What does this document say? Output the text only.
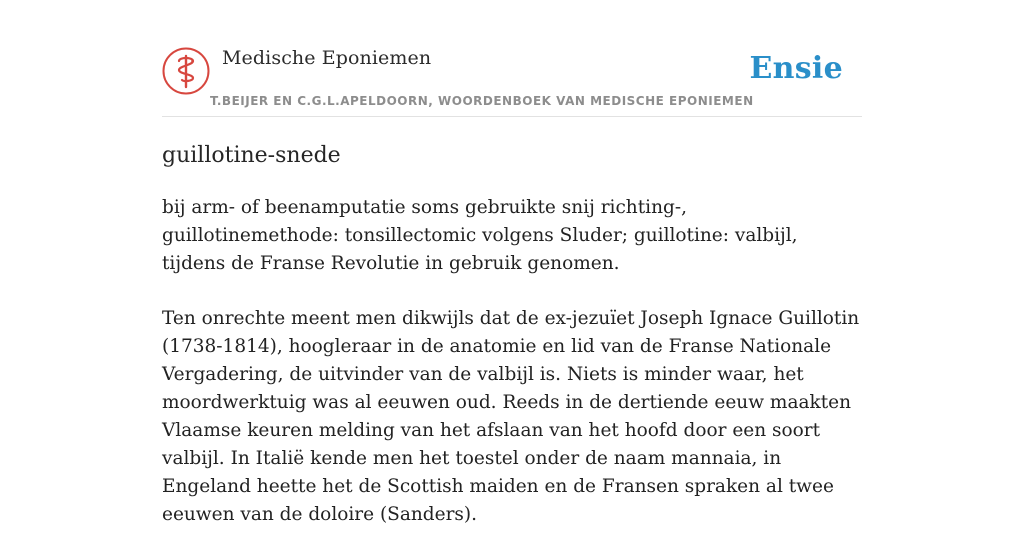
Medische Eponiemen
T.BEIJER EN C.G.L.APELDOORN, WOORDENBOEK VAN MEDISCHE EPONIEMEN
Ensie
guillotine-snede

bij arm- of beenamputatie soms gebruikte snij richting-, guillotinemethode: tonsillectomic volgens Sluder; guillotine: valbijl, tijdens de Franse Revolutie in gebruik genomen.

Ten onrechte meent men dikwijls dat de ex-jezuïet Joseph Ignace Guillotin (1738-1814), hoogleraar in de anatomie en lid van de Franse Nationale Vergadering, de uitvinder van de valbijl is. Niets is minder waar, het moordwerktuig was al eeuwen oud. Reeds in de dertiende eeuw maakten Vlaamse keuren melding van het afslaan van het hoofd door een soort valbijl. In Italië kende men het toestel onder de naam mannaia, in Engeland heette het de Scottish maiden en de Fransen spraken al twee eeuwen van de doloire (Sanders).
